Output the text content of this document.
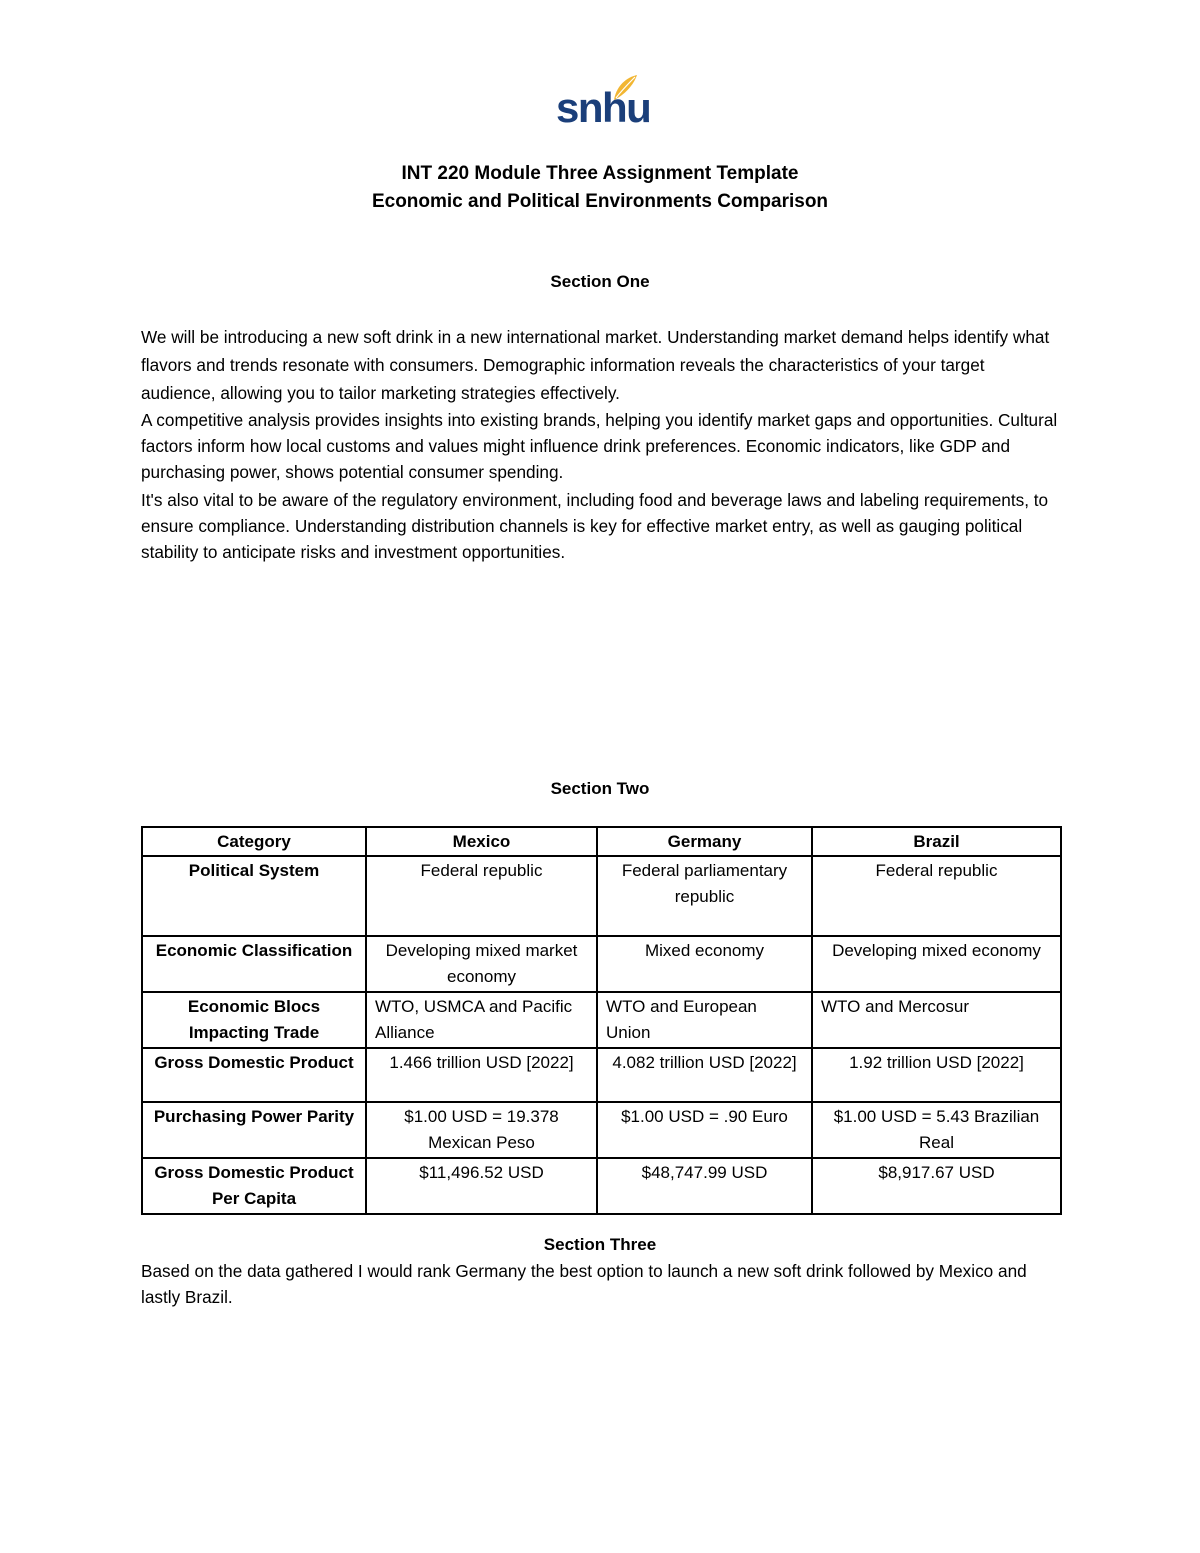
snhu
INT 220 Module Three Assignment Template
Economic and Political Environments Comparison
Section One

We will be introducing a new soft drink in a new international market. Understanding market demand helps identify what flavors and trends resonate with consumers. Demographic information reveals the characteristics of your target audience, allowing you to tailor marketing strategies effectively.

A competitive analysis provides insights into existing brands, helping you identify market gaps and opportunities. Cultural factors inform how local customs and values might influence drink preferences. Economic indicators, like GDP and purchasing power, shows potential consumer spending.

It's also vital to be aware of the regulatory environment, including food and beverage laws and labeling requirements, to ensure compliance. Understanding distribution channels is key for effective market entry, as well as gauging political stability to anticipate risks and investment opportunities.

Section Two
Category	Mexico	Germany	Brazil
Political System	Federal republic	Federal parliamentary republic	Federal republic
Economic Classification	Developing mixed market economy	Mixed economy	Developing mixed economy
Economic Blocs Impacting Trade	WTO, USMCA and Pacific Alliance	WTO and European Union	WTO and Mercosur
Gross Domestic Product	1.466 trillion USD [2022]	4.082 trillion USD [2022]	1.92 trillion USD [2022]
Purchasing Power Parity	$1.00 USD = 19.378 Mexican Peso	$1.00 USD = .90 Euro	$1.00 USD = 5.43 Brazilian Real
Gross Domestic Product Per Capita	$11,496.52 USD	$48,747.99 USD	$8,917.67 USD
Section Three

Based on the data gathered I would rank Germany the best option to launch a new soft drink followed by Mexico and lastly Brazil.
